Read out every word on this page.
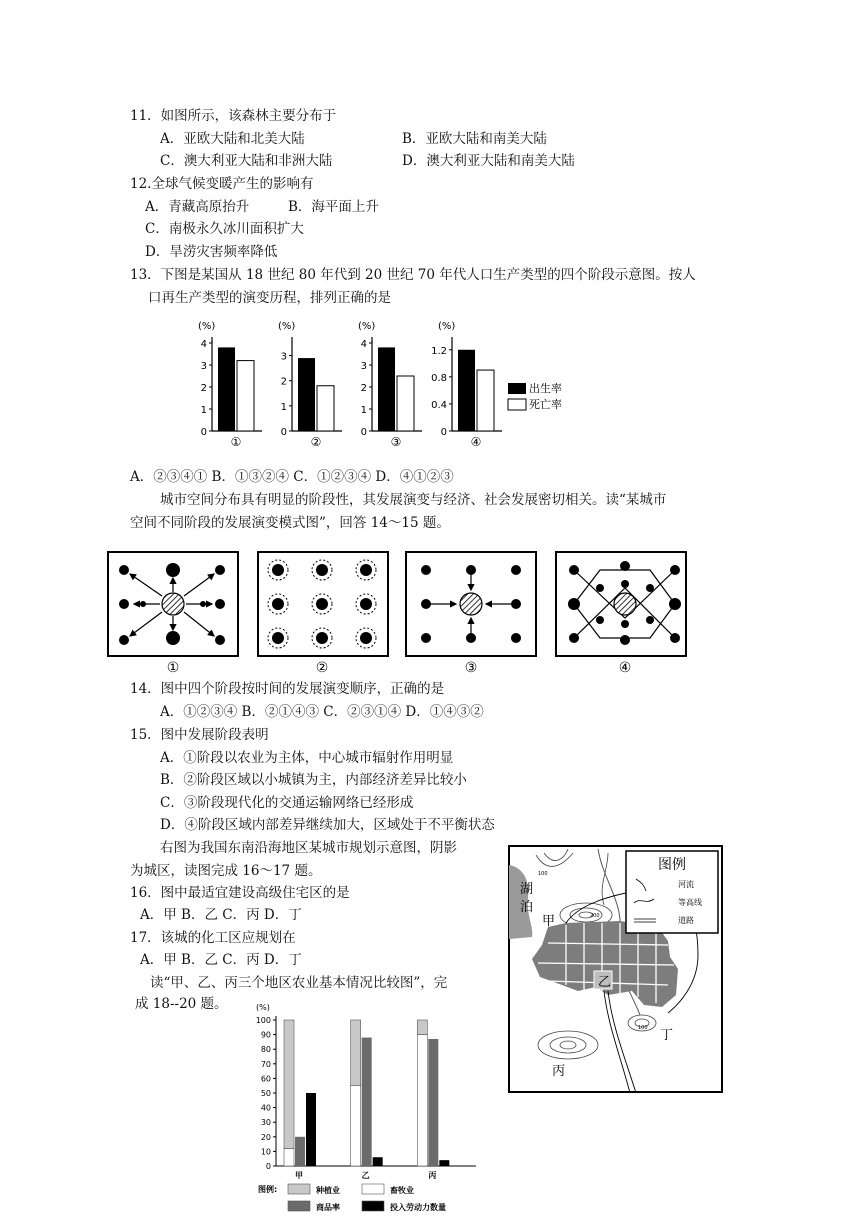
11．如图所示，该森林主要分布于
A．亚欧大陆和北美大陆	B．亚欧大陆和南美大陆
C．澳大利亚大陆和非洲大陆	D．澳大利亚大陆和南美大陆
12.全球气候变暖产生的影响有
A．青藏高原抬升	B．海平面上升
C．南极永久冰川面积扩大
D．旱涝灾害频率降低
13．下图是某国从 18 世纪 80 年代到 20 世纪 70 年代人口生产类型的四个阶段示意图。按人
口再生产类型的演变历程，排列正确的是
(%)
0
1
2
3
4
①
(%)
0
1
2
3
②
(%)
0
1
2
3
4
③
(%)
0
0.4
0.8
1.2
④
出生率
死亡率
A．②③④① B．①③②④ C．①②③④ D．④①②③
城市空间分布具有明显的阶段性，其发展演变与经济、社会发展密切相关。读“某城市
空间不同阶段的发展演变模式图”，回答 14～15 题。
①	②	③	④
14．图中四个阶段按时间的发展演变顺序，正确的是
A．①②③④ B．②①④③ C．②③①④ D．①④③②
15．图中发展阶段表明
A．①阶段以农业为主体，中心城市辐射作用明显
B．②阶段区域以小城镇为主，内部经济差异比较小
C．③阶段现代化的交通运输网络已经形成
D．④阶段区域内部差异继续加大，区域处于不平衡状态
右图为我国东南沿海地区某城市规划示意图，阴影
为城区，读图完成 16～17 题。
16．图中最适宜建设高级住宅区的是
A．甲 B．乙 C．丙 D．丁
17．该城的化工区应规划在
A．甲 B．乙 C．丙 D．丁
读“甲、乙、丙三个地区农业基本情况比较图”，完
成 18--20 题。
湖
泊
200
100
100
甲
乙
丙
丁
图例
河流
等高线
道路
(%)
0
10
20
30
40
50
60
70
80
90
100
甲	乙	丙
图例:	种植业	畜牧业
商品率	投入劳动力数量
